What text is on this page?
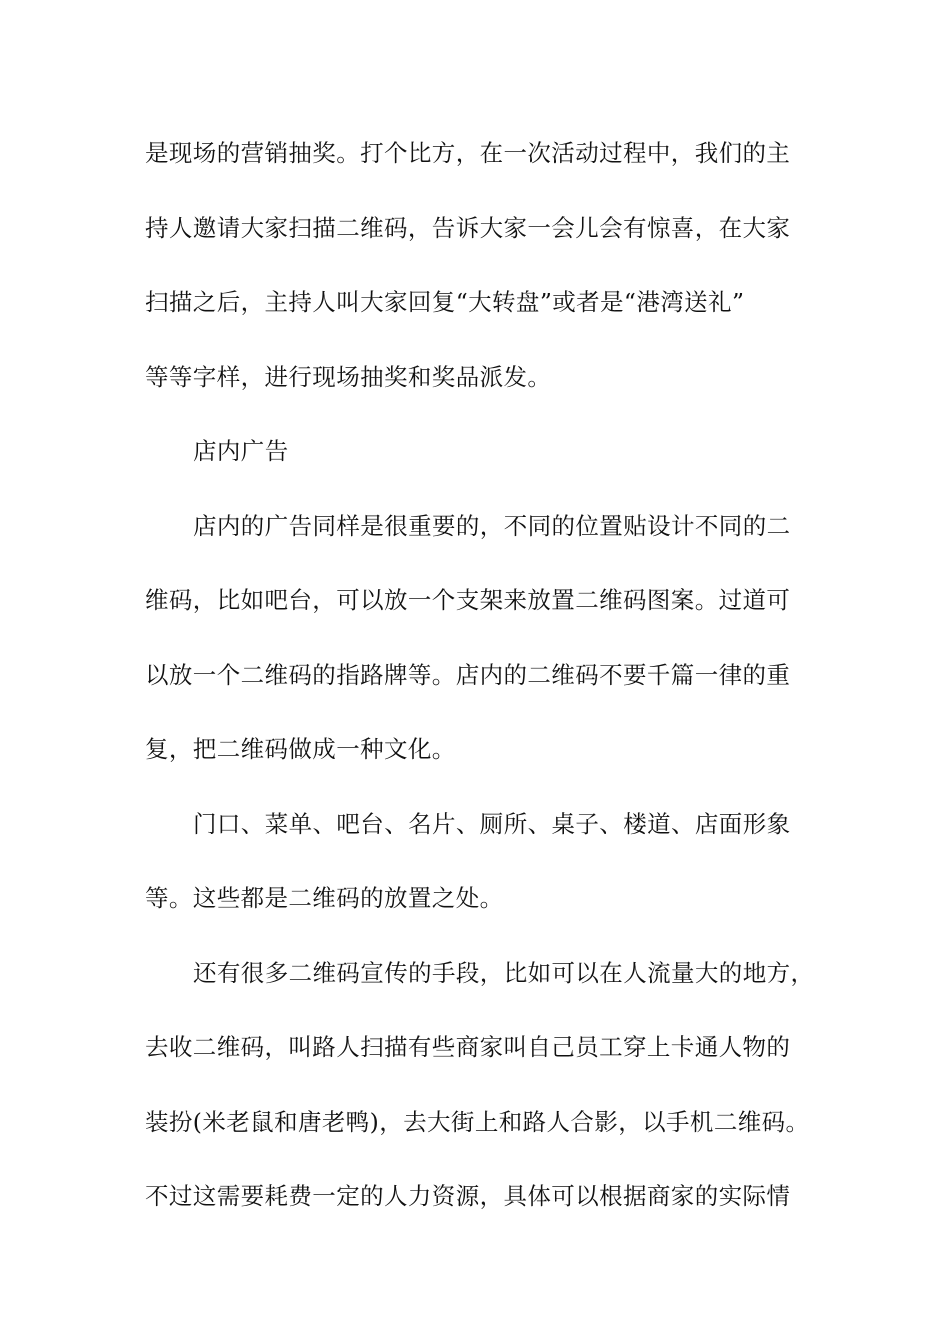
是现场的营销抽奖。打个比方，在一次活动过程中，我们的主
持人邀请大家扫描二维码，告诉大家一会儿会有惊喜，在大家
扫描之后，主持人叫大家回复“大转盘”或者是“港湾送礼”
等等字样，进行现场抽奖和奖品派发。
店内广告
店内的广告同样是很重要的，不同的位置贴设计不同的二
维码，比如吧台，可以放一个支架来放置二维码图案。过道可
以放一个二维码的指路牌等。店内的二维码不要千篇一律的重
复，把二维码做成一种文化。
门口、菜单、吧台、名片、厕所、桌子、楼道、店面形象
等。这些都是二维码的放置之处。
还有很多二维码宣传的手段，比如可以在人流量大的地方，
去收二维码，叫路人扫描有些商家叫自己员工穿上卡通人物的
装扮(米老鼠和唐老鸭)，去大街上和路人合影，以手机二维码。
不过这需要耗费一定的人力资源，具体可以根据商家的实际情
